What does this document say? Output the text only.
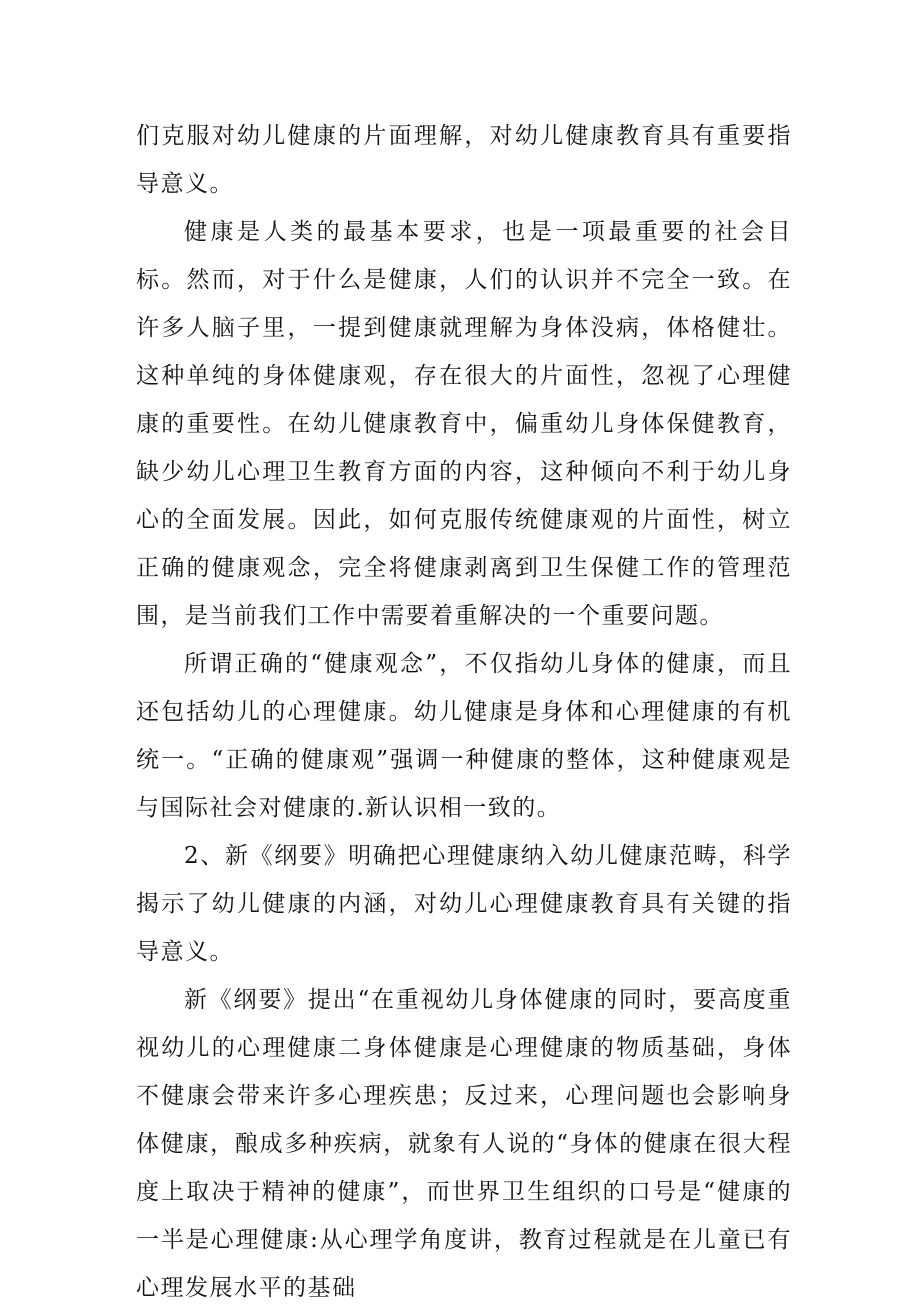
们克服对幼儿健康的片面理解，对幼儿健康教育具有重要指导意义。

健康是人类的最基本要求，也是一项最重要的社会目标。然而，对于什么是健康，人们的认识并不完全一致。在许多人脑子里，一提到健康就理解为身体没病，体格健壮。这种单纯的身体健康观，存在很大的片面性，忽视了心理健康的重要性。在幼儿健康教育中，偏重幼儿身体保健教育，缺少幼儿心理卫生教育方面的内容，这种倾向不利于幼儿身心的全面发展。因此，如何克服传统健康观的片面性，树立正确的健康观念，完全将健康剥离到卫生保健工作的管理范围，是当前我们工作中需要着重解决的一个重要问题。

所谓正确的“健康观念”，不仅指幼儿身体的健康，而且还包括幼儿的心理健康。幼儿健康是身体和心理健康的有机统一。“正确的健康观”强调一种健康的整体，这种健康观是与国际社会对健康的.新认识相一致的。

2、新《纲要》明确把心理健康纳入幼儿健康范畴，科学揭示了幼儿健康的内涵，对幼儿心理健康教育具有关键的指导意义。

新《纲要》提出“在重视幼儿身体健康的同时，要高度重视幼儿的心理健康二身体健康是心理健康的物质基础，身体不健康会带来许多心理疾患；反过来，心理问题也会影响身体健康，酿成多种疾病，就象有人说的“身体的健康在很大程度上取决于精神的健康”，而世界卫生组织的口号是“健康的一半是心理健康:从心理学角度讲，教育过程就是在儿童已有心理发展水平的基础
